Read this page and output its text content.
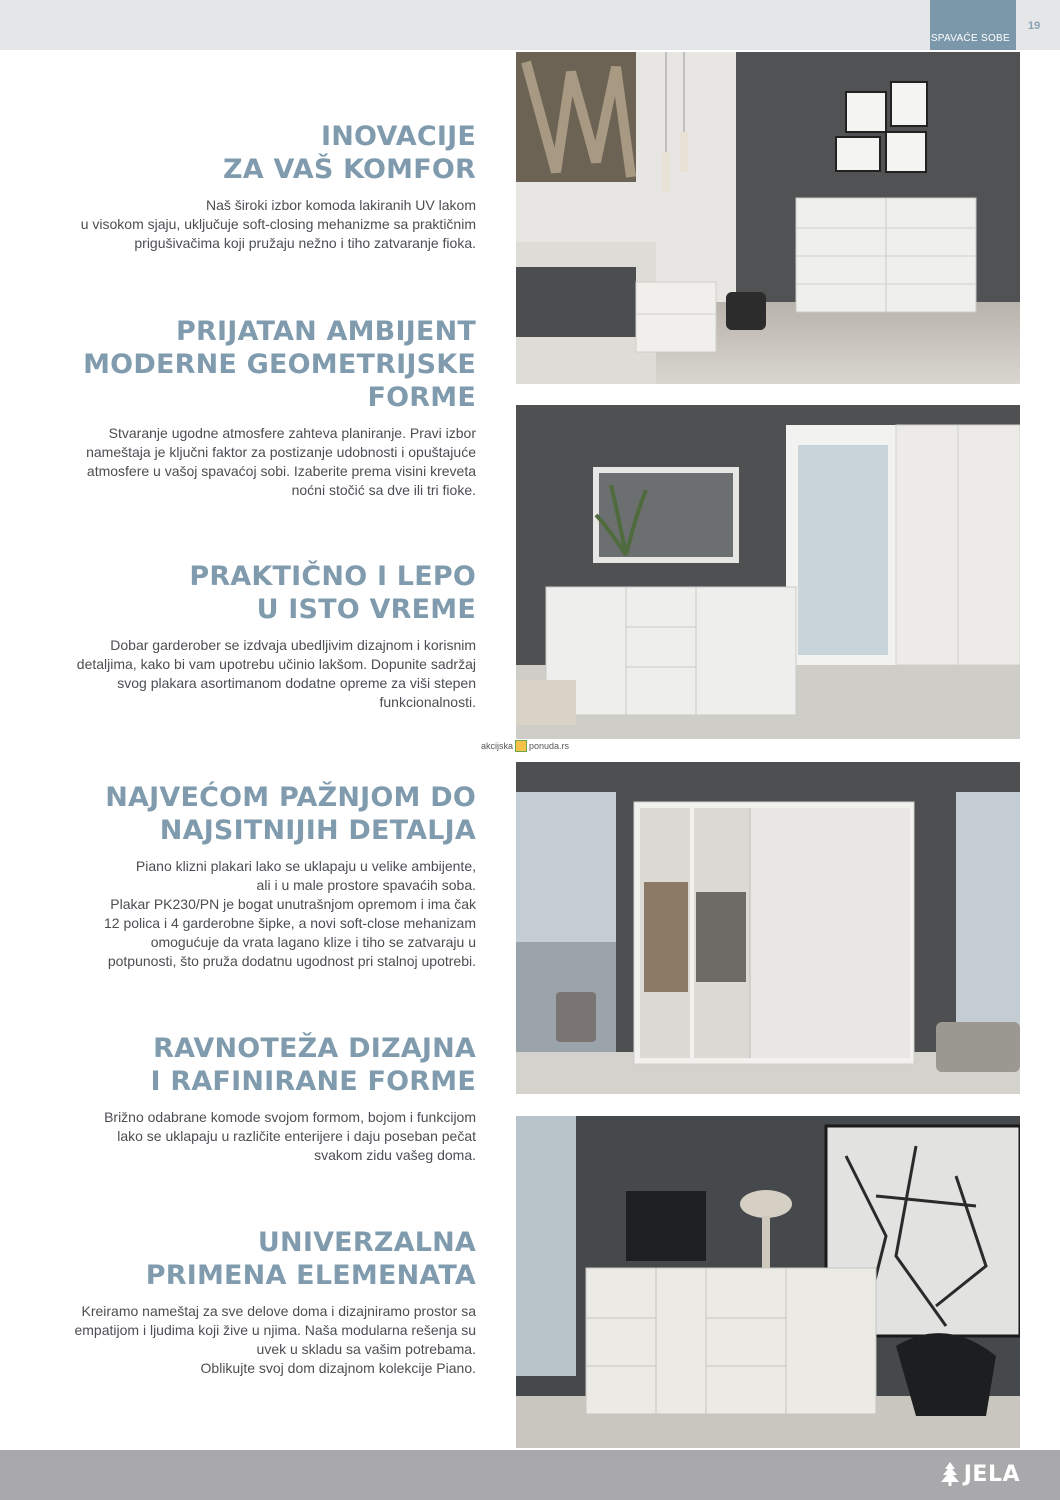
SPAVAĆE SOBE
19
INOVACIJE
ZA VAŠ KOMFOR

Naš široki izbor komoda lakiranih UV lakom
u visokom sjaju, uključuje soft-closing mehanizme sa praktičnim
prigušivačima koji pružaju nežno i tiho zatvaranje fioka.

PRIJATAN AMBIJENT
MODERNE GEOMETRIJSKE
FORME

Stvaranje ugodne atmosfere zahteva planiranje. Pravi izbor
nameštaja je ključni faktor za postizanje udobnosti i opuštajuće
atmosfere u vašoj spavaćoj sobi. Izaberite prema visini kreveta
noćni stočić sa dve ili tri fioke.

PRAKTIČNO I LEPO
U ISTO VREME

Dobar garderober se izdvaja ubedljivim dizajnom i korisnim
detaljima, kako bi vam upotrebu učinio lakšom. Dopunite sadržaj
svog plakara asortimanom dodatne opreme za viši stepen
funkcionalnosti.

NAJVEĆOM PAŽNJOM DO
NAJSITNIJIH DETALJA

Piano klizni plakari lako se uklapaju u velike ambijente,
ali i u male prostore spavaćih soba.
Plakar PK230/PN je bogat unutrašnjom opremom i ima čak
12 polica i 4 garderobne šipke, a novi soft-close mehanizam
omogućuje da vrata lagano klize i tiho se zatvaraju u
potpunosti, što pruža dodatnu ugodnost pri stalnoj upotrebi.

RAVNOTEŽA DIZAJNA
I RAFINIRANE FORME

Brižno odabrane komode svojom formom, bojom i funkcijom
lako se uklapaju u različite enterijere i daju poseban pečat
svakom zidu vašeg doma.

UNIVERZALNA
PRIMENA ELEMENATA

Kreiramo nameštaj za sve delove doma i dizajniramo prostor sa
empatijom i ljudima koji žive u njima. Naša modularna rešenja su
uvek u skladu sa vašim potrebama.
Oblikujte svoj dom dizajnom kolekcije Piano.

akcijska ponuda.rs
JELA
